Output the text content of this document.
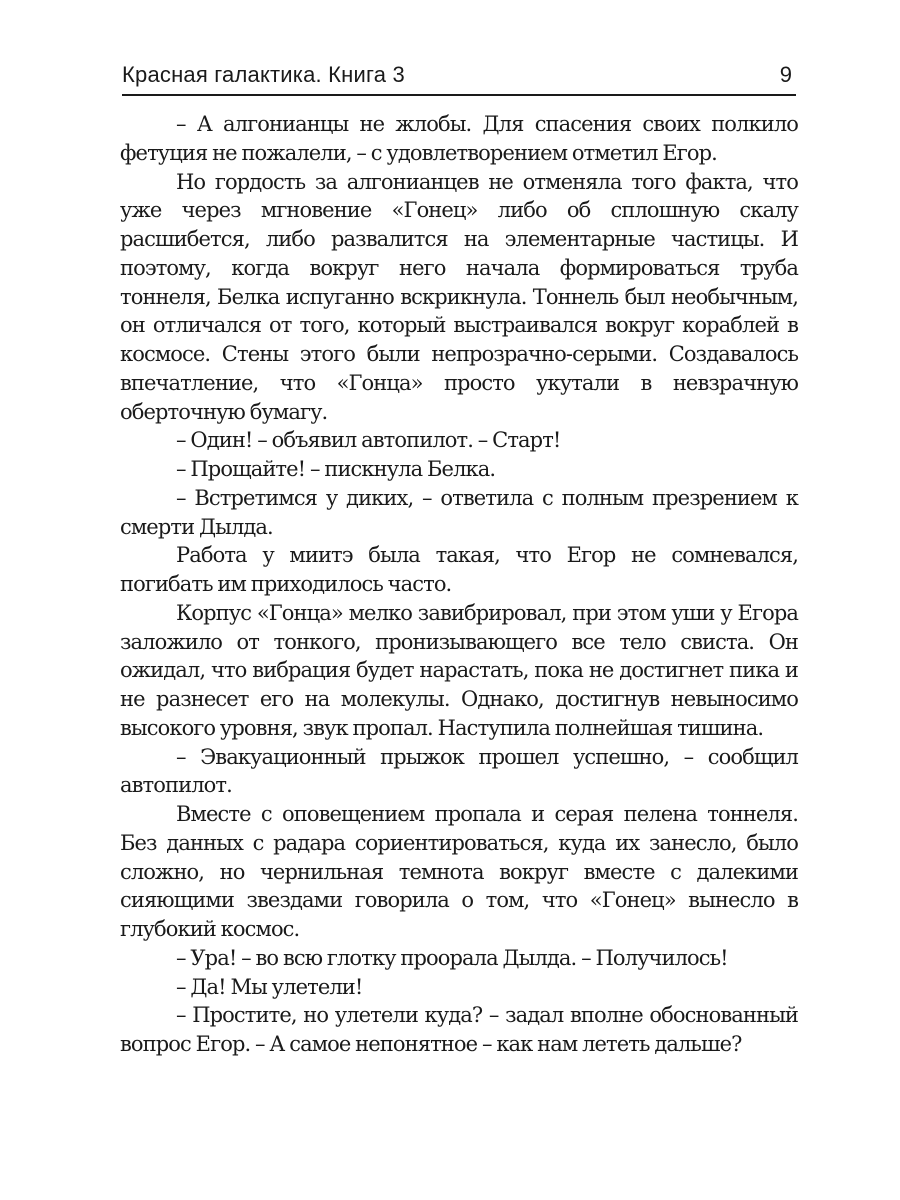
Красная галактика. Книга 3	9

– А алгонианцы не жлобы. Для спасения своих полкило фетуция не пожалели, – с удовлетворением отметил Егор.

Но гордость за алгонианцев не отменяла того факта, что уже через мгновение «Гонец» либо об сплошную скалу расшибется, либо развалится на элементарные частицы. И поэтому, когда вокруг него начала формироваться труба тоннеля, Белка испуганно вскрикнула. Тоннель был необычным, он отличался от того, который выстраивался вокруг кораблей в космосе. Стены этого были непрозрачно-серыми. Создавалось впечатление, что «Гонца» просто укутали в невзрачную оберточную бумагу.

– Один! – объявил автопилот. – Старт!

– Прощайте! – пискнула Белка.

– Встретимся у диких, – ответила с полным презрением к смерти Дылда.

Работа у миитэ была такая, что Егор не сомневался, погибать им приходилось часто.

Корпус «Гонца» мелко завибрировал, при этом уши у Егора заложило от тонкого, пронизывающего все тело свиста. Он ожидал, что вибрация будет нарастать, пока не достигнет пика и не разнесет его на молекулы. Однако, достигнув невыносимо высокого уровня, звук пропал. Наступила полнейшая тишина.

– Эвакуационный прыжок прошел успешно, – сообщил автопилот.

Вместе с оповещением пропала и серая пелена тоннеля. Без данных с радара сориентироваться, куда их занесло, было сложно, но чернильная темнота вокруг вместе с далекими сияющими звездами говорила о том, что «Гонец» вынесло в глубокий космос.

– Ура! – во всю глотку проорала Дылда. – Получилось!

– Да! Мы улетели!

– Простите, но улетели куда? – задал вполне обоснованный вопрос Егор. – А самое непонятное – как нам лететь дальше?
